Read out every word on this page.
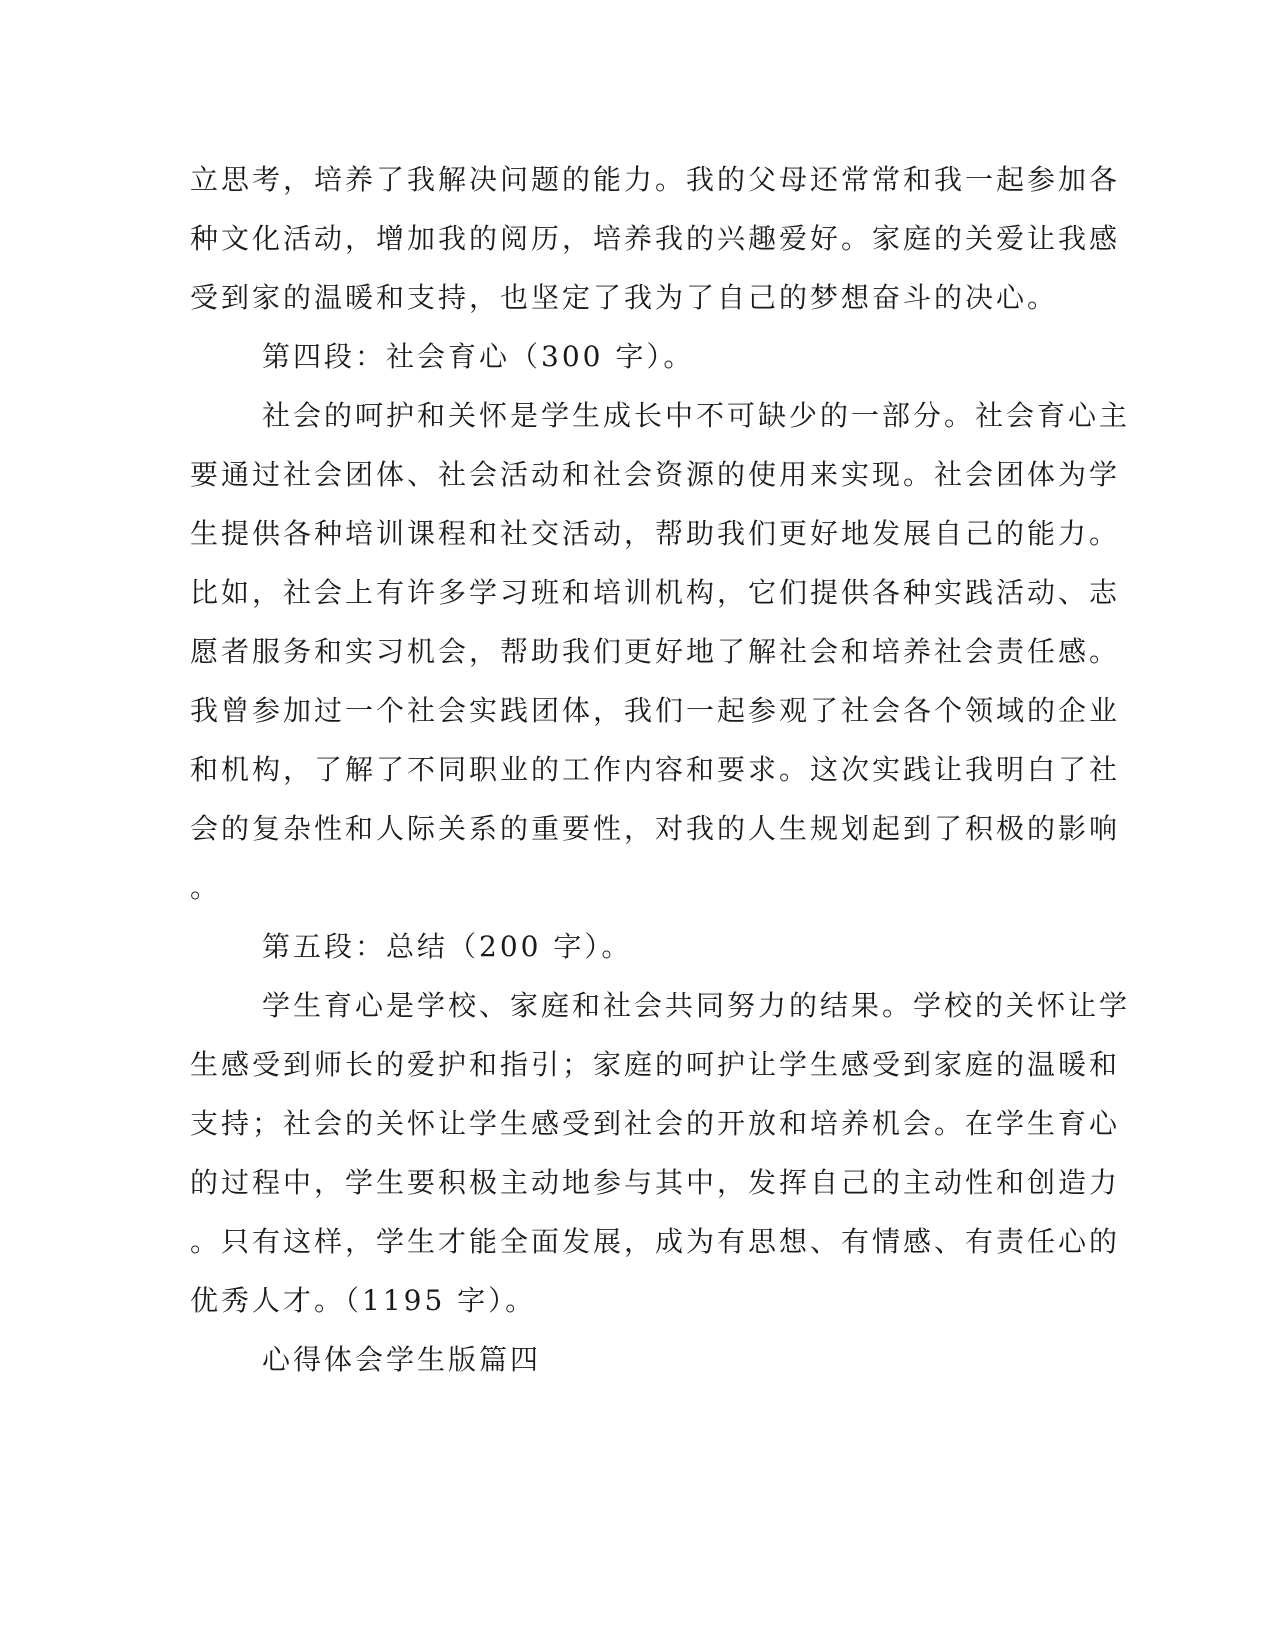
立思考，培养了我解决问题的能力。我的父母还常常和我一起参加各
种文化活动，增加我的阅历，培养我的兴趣爱好。家庭的关爱让我感
受到家的温暖和支持，也坚定了我为了自己的梦想奋斗的决心。
第四段：社会育心（300 字）。
社会的呵护和关怀是学生成长中不可缺少的一部分。社会育心主
要通过社会团体、社会活动和社会资源的使用来实现。社会团体为学
生提供各种培训课程和社交活动，帮助我们更好地发展自己的能力。
比如，社会上有许多学习班和培训机构，它们提供各种实践活动、志
愿者服务和实习机会，帮助我们更好地了解社会和培养社会责任感。
我曾参加过一个社会实践团体，我们一起参观了社会各个领域的企业
和机构，了解了不同职业的工作内容和要求。这次实践让我明白了社
会的复杂性和人际关系的重要性，对我的人生规划起到了积极的影响
。
第五段：总结（200 字）。
学生育心是学校、家庭和社会共同努力的结果。学校的关怀让学
生感受到师长的爱护和指引；家庭的呵护让学生感受到家庭的温暖和
支持；社会的关怀让学生感受到社会的开放和培养机会。在学生育心
的过程中，学生要积极主动地参与其中，发挥自己的主动性和创造力
。只有这样，学生才能全面发展，成为有思想、有情感、有责任心的
优秀人才。（1195 字）。
心得体会学生版篇四
